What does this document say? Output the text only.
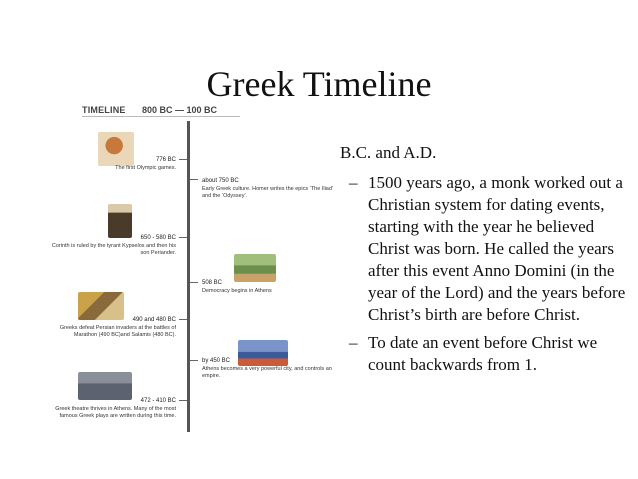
Greek Timeline
TIMELINE 800 BC — 100 BC
776 BC
The first Olympic games.
about 750 BC
Early Greek culture. Homer writes the epics ‘The Iliad’ and the ‘Odyssey’.
650 - 580 BC
Corinth is ruled by the tyrant Kypselos and then his son Periander.
508 BC
Democracy begins in Athens
490 and 480 BC
Greeks defeat Persian invaders at the battles of Marathon (490 BC)and Salamis (480 BC).
by 450 BC
Athens becomes a very powerful city, and controls an empire.
472 - 410 BC
Greek theatre thrives in Athens. Many of the most famous Greek plays are written during this time.
B.C. and A.D.
– 1500 years ago, a monk worked out a Christian system for dating events, starting with the year he believed Christ was born. He called the years after this event Anno Domini (in the year of the Lord) and the years before Christ’s birth are before Christ.
– To date an event before Christ we count backwards from 1.
